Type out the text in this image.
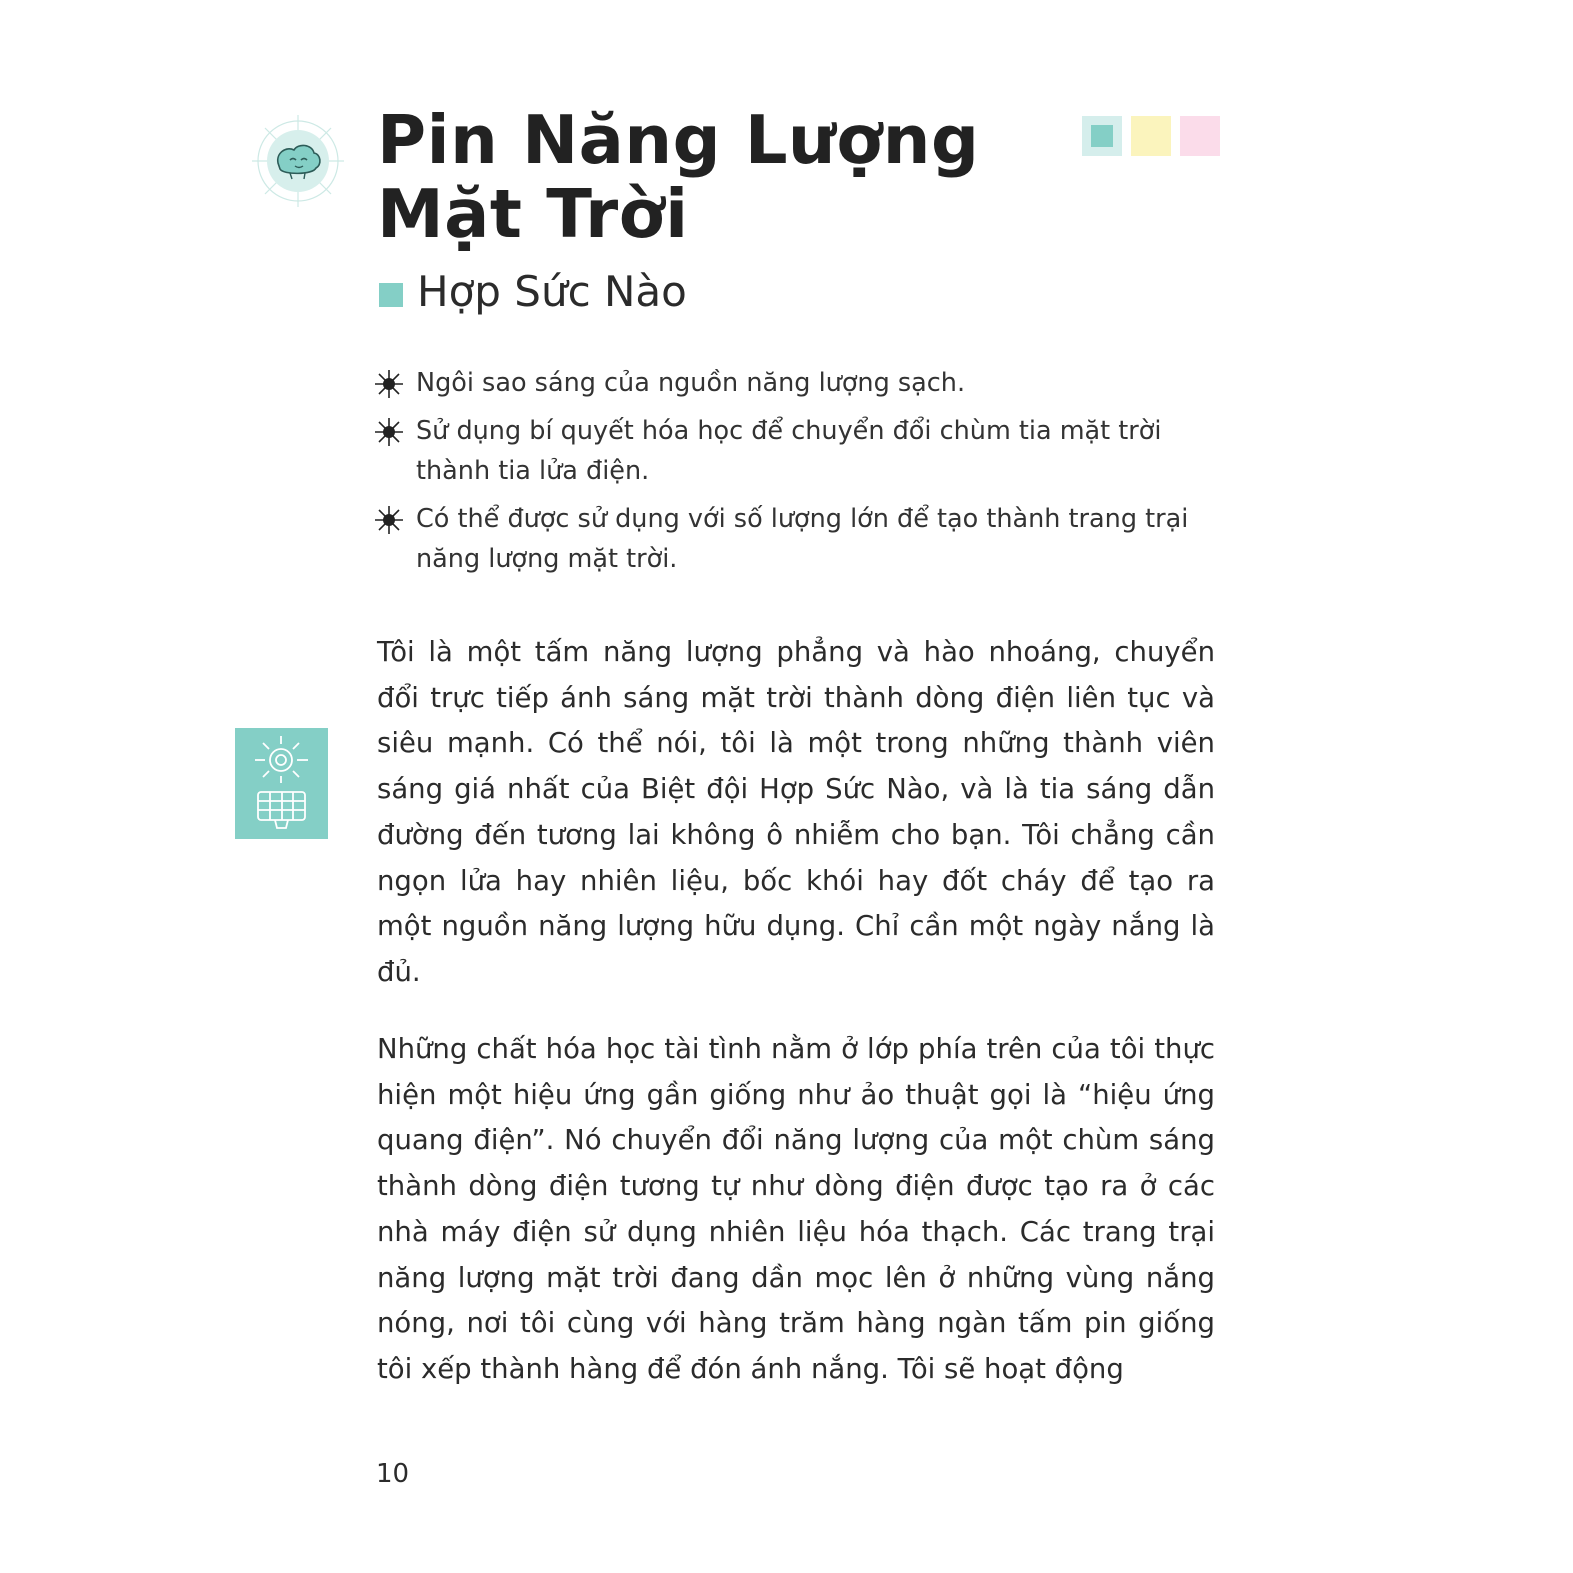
Pin Năng Lượng
Mặt Trời
Hợp Sức Nào
Ngôi sao sáng của nguồn năng lượng sạch.
Sử dụng bí quyết hóa học để chuyển đổi chùm tia mặt trời thành tia lửa điện.
Có thể được sử dụng với số lượng lớn để tạo thành trang trại năng lượng mặt trời.

Tôi là một tấm năng lượng phẳng và hào nhoáng, chuyển đổi trực tiếp ánh sáng mặt trời thành dòng điện liên tục và siêu mạnh. Có thể nói, tôi là một trong những thành viên sáng giá nhất của Biệt đội Hợp Sức Nào, và là tia sáng dẫn đường đến tương lai không ô nhiễm cho bạn. Tôi chẳng cần ngọn lửa hay nhiên liệu, bốc khói hay đốt cháy để tạo ra một nguồn năng lượng hữu dụng. Chỉ cần một ngày nắng là đủ.

Những chất hóa học tài tình nằm ở lớp phía trên của tôi thực hiện một hiệu ứng gần giống như ảo thuật gọi là “hiệu ứng quang điện”. Nó chuyển đổi năng lượng của một chùm sáng thành dòng điện tương tự như dòng điện được tạo ra ở các nhà máy điện sử dụng nhiên liệu hóa thạch. Các trang trại năng lượng mặt trời đang dần mọc lên ở những vùng nắng nóng, nơi tôi cùng với hàng trăm hàng ngàn tấm pin giống tôi xếp thành hàng để đón ánh nắng. Tôi sẽ hoạt động

10
